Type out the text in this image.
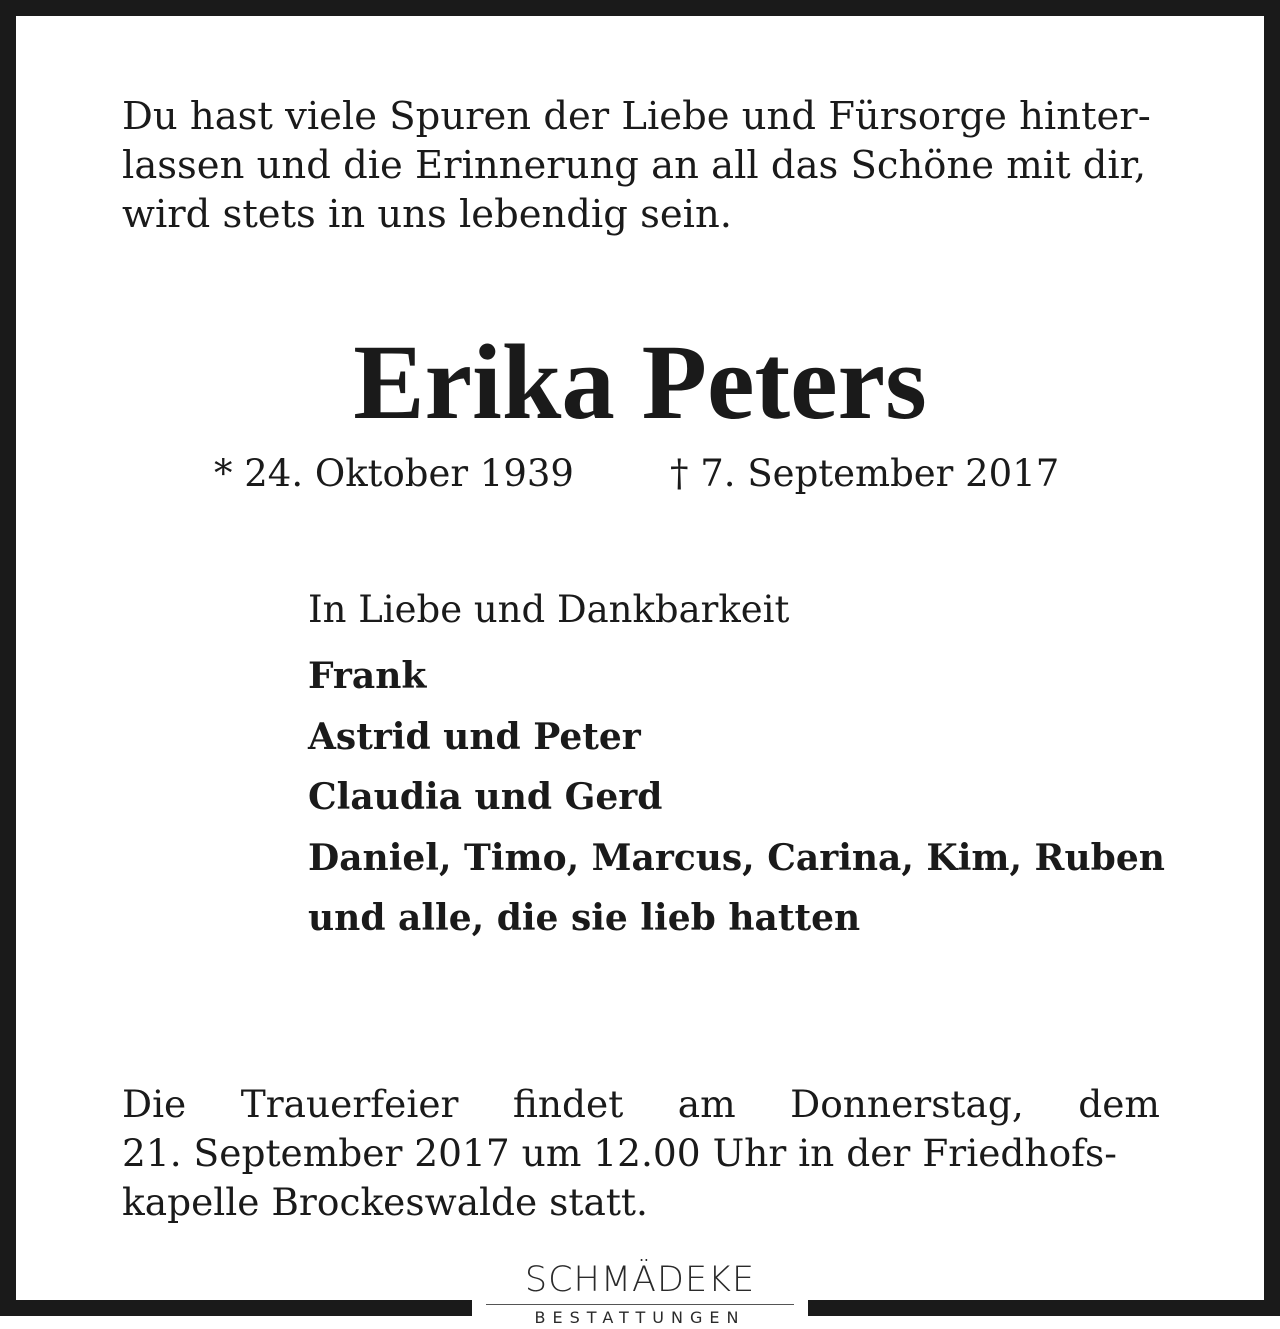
Du hast viele Spuren der Liebe und Fürsorge hinter-
lassen und die Erinnerung an all das Schöne mit dir,
wird stets in uns lebendig sein.
Erika Peters
* 24. Oktober 1939	† 7. September 2017
In Liebe und Dankbarkeit
Frank
Astrid und Peter
Claudia und Gerd
Daniel, Timo, Marcus, Carina, Kim, Ruben
und alle, die sie lieb hatten
Die Trauerfeier findet am Donnerstag, dem
21. September 2017 um 12.00 Uhr in der Friedhofs-
kapelle Brockeswalde statt.
SCHMÄDEKE
BESTATTUNGEN
